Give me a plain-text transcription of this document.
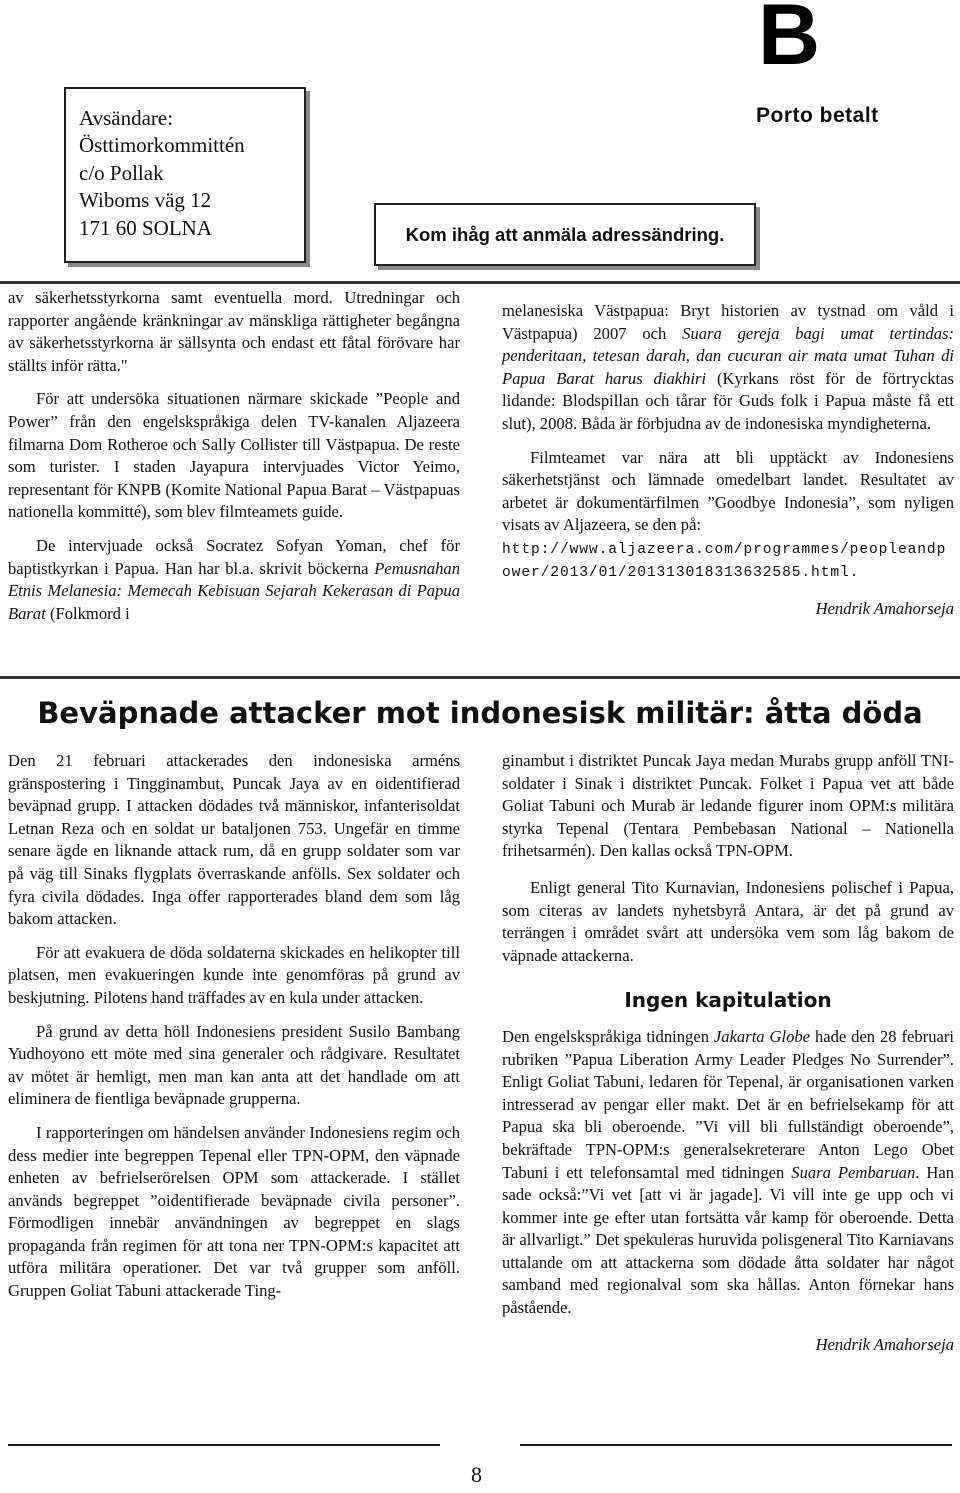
B
Porto betalt
Avsändare:
Östtimorkommittén
c/o Pollak
Wiboms väg 12
171 60 SOLNA	Kom ihåg att anmäla adressändring.

av säkerhetsstyrkorna samt eventuella mord. Utredningar och rapporter angående kränkningar av mänskliga rättigheter begångna av säkerhetsstyrkorna är sällsynta och endast ett fåtal förövare har ställts inför rätta."

För att undersöka situationen närmare skickade ”People and Power” från den engelskspråkiga delen TV-kanalen Aljazeera filmarna Dom Rotheroe och Sally Collister till Västpapua. De reste som turister. I staden Jayapura intervjuades Victor Yeimo, representant för KNPB (Komite National Papua Barat – Västpapuas nationella kommitté), som blev filmteamets guide.

De intervjuade också Socratez Sofyan Yoman, chef för baptistkyrkan i Papua. Han har bl.a. skrivit böckerna Pemusnahan Etnis Melanesia: Memecah Kebisuan Sejarah Kekerasan di Papua Barat (Folkmord i

melanesiska Västpapua: Bryt historien av tystnad om våld i Västpapua) 2007 och Suara gereja bagi umat tertindas: penderitaan, tetesan darah, dan cucuran air mata umat Tuhan di Papua Barat harus diakhiri (Kyrkans röst för de förtrycktas lidande: Blodspillan och tårar för Guds folk i Papua måste få ett slut), 2008. Båda är förbjudna av de indonesiska myndigheterna.

Filmteamet var nära att bli upptäckt av Indonesiens säkerhetstjänst och lämnade omedelbart landet. Resultatet av arbetet är dokumentärfilmen ”Goodbye Indonesia”, som nyligen visats av Aljazeera, se den på:

http://www.aljazeera.com/programmes/peopleandpower/2013/01/201313018313632585.html.

Hendrik Amahorseja

Beväpnade attacker mot indonesisk militär: åtta döda

Den 21 februari attackerades den indonesiska arméns gränspostering i Tingginambut, Puncak Jaya av en oidentifierad beväpnad grupp. I attacken dödades två människor, infanterisoldat Letnan Reza och en soldat ur bataljonen 753. Ungefär en timme senare ägde en liknande attack rum, då en grupp soldater som var på väg till Sinaks flygplats överraskande anfölls. Sex soldater och fyra civila dödades. Inga offer rapporterades bland dem som låg bakom attacken.

För att evakuera de döda soldaterna skickades en helikopter till platsen, men evakueringen kunde inte genomföras på grund av beskjutning. Pilotens hand träffades av en kula under attacken.

På grund av detta höll Indonesiens president Susilo Bambang Yudhoyono ett möte med sina generaler och rådgivare. Resultatet av mötet är hemligt, men man kan anta att det handlade om att eliminera de fientliga beväpnade grupperna.

I rapporteringen om händelsen använder Indonesiens regim och dess medier inte begreppen Tepenal eller TPN-OPM, den väpnade enheten av befrielserörelsen OPM som attackerade. I stället används begreppet ”oidentifierade beväpnade civila personer”. Förmodligen innebär användningen av begreppet en slags propaganda från regimen för att tona ner TPN-OPM:s kapacitet att utföra militära operationer. Det var två grupper som anföll. Gruppen Goliat Tabuni attackerade Ting-

ginambut i distriktet Puncak Jaya medan Murabs grupp anföll TNI-soldater i Sinak i distriktet Puncak. Folket i Papua vet att både Goliat Tabuni och Murab är ledande figurer inom OPM:s militära styrka Tepenal (Tentara Pembebasan National – Nationella frihetsarmén). Den kallas också TPN-OPM.

Enligt general Tito Kurnavian, Indonesiens polischef i Papua, som citeras av landets nyhetsbyrå Antara, är det på grund av terrängen i området svårt att undersöka vem som låg bakom de väpnade attackerna.

Ingen kapitulation

Den engelskspråkiga tidningen Jakarta Globe hade den 28 februari rubriken ”Papua Liberation Army Leader Pledges No Surrender”. Enligt Goliat Tabuni, ledaren för Tepenal, är organisationen varken intresserad av pengar eller makt. Det är en befrielsekamp för att Papua ska bli oberoende. ”Vi vill bli fullständigt oberoende”, bekräftade TPN-OPM:s generalsekreterare Anton Lego Obet Tabuni i ett telefonsamtal med tidningen Suara Pembaruan. Han sade också:”Vi vet [att vi är jagade]. Vi vill inte ge upp och vi kommer inte ge efter utan fortsätta vår kamp för oberoende. Detta är allvarligt.” Det spekuleras huruvida polisgeneral Tito Karniavans uttalande om att attackerna som dödade åtta soldater har något samband med regionalval som ska hållas. Anton förnekar hans påstående.

Hendrik Amahorseja

8
